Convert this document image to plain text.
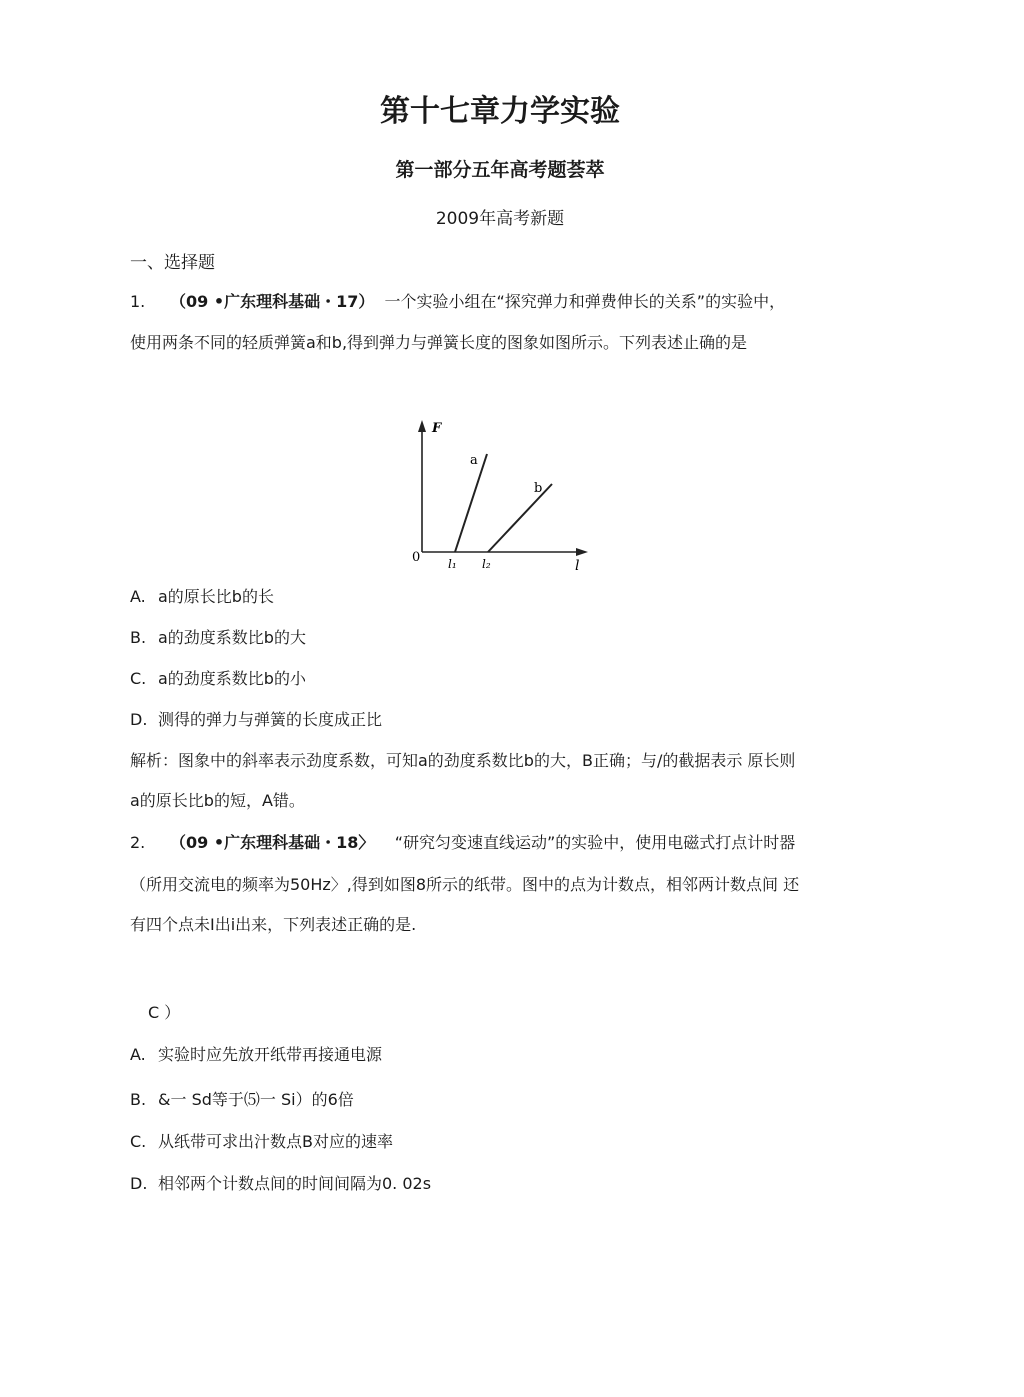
第十七章力学实验
第一部分五年高考题荟萃
2009年高考新题
一、选择题
1. （09 •广东理科基础・17） 一个实验小组在“探究弹力和弹费伸长的关系”的实验中，
使用两条不同的轻质弹簧a和b,得到弹力与弹簧长度的图象如图所示。下列表述止确的是
F
0
a
b
l₁ l₂	l
A. a的原长比b的长
B. a的劲度系数比b的大
C. a的劲度系数比b的小
D. 测得的弹力与弹簧的长度成正比
解析：图象中的斜率表示劲度系数，可知a的劲度系数比b的大，B正确；与/的截据表示 原长则
a的原长比b的短，A错。
2. （09 •广东理科基础・18〉 “研究匀变速直线运动”的实验中，使用电磁式打点计时器
（所用交流电的频率为50Hz〉,得到如图8所示的纸带。图中的点为计数点，相邻两计数点间 还
有四个点未I出i出来，下列表述正确的是.
C ）
A. 实验时应先放开纸带再接通电源
B. &一 Sd等于⑸一 Si）的6倍
C. 从纸带可求出汁数点B对应的速率
D. 相邻两个计数点间的时间间隔为0. 02s
